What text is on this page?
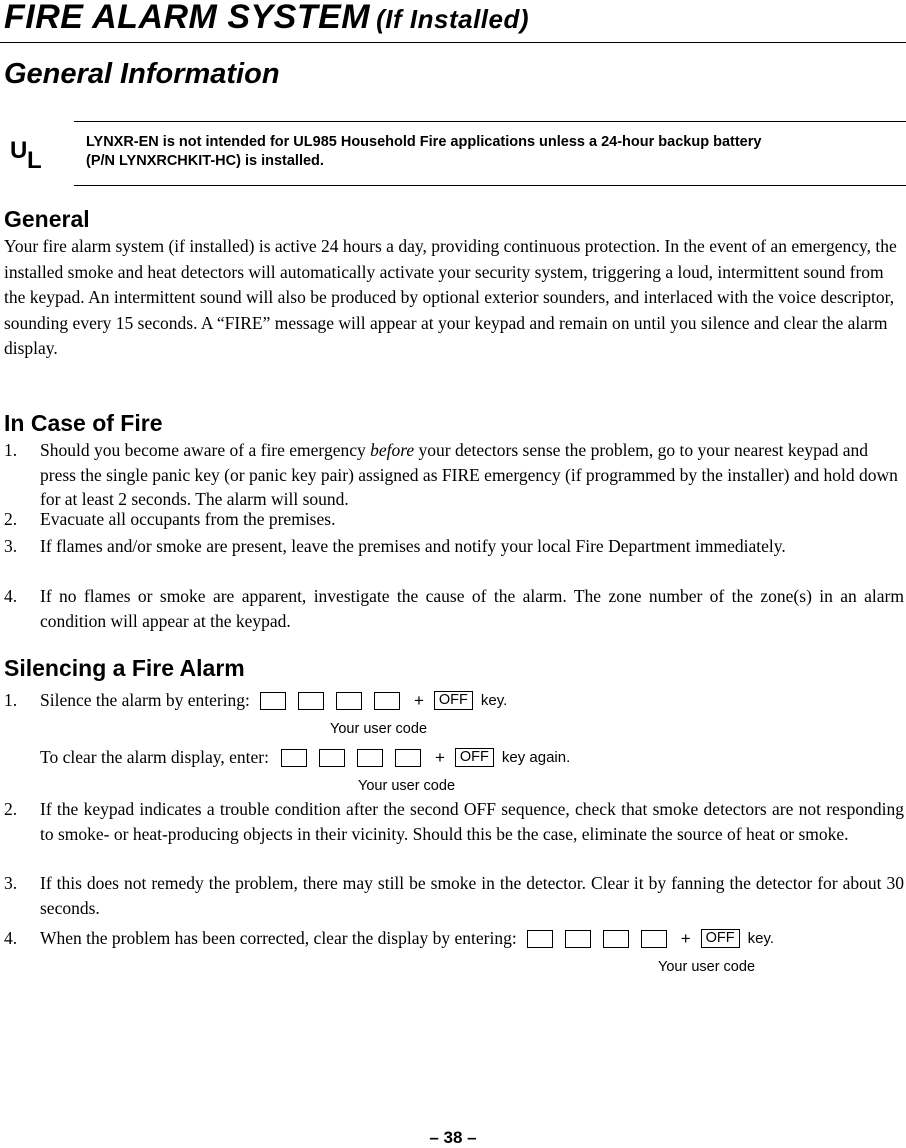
FIRE ALARM SYSTEM (If Installed)
General Information
U L
LYNXR-EN is not intended for UL985 Household Fire applications unless a 24-hour backup battery
(P/N LYNXRCHKIT-HC) is installed.
General
Your fire alarm system (if installed) is active 24 hours a day, providing continuous protection. In the event of an emergency, the installed smoke and heat detectors will automatically activate your security system, triggering a loud, intermittent sound from the keypad. An intermittent sound will also be produced by optional exterior sounders, and interlaced with the voice descriptor, sounding every 15 seconds. A “FIRE” message will appear at your keypad and remain on until you silence and clear the alarm display.
In Case of Fire
1. Should you become aware of a fire emergency before your detectors sense the problem, go to your nearest keypad and press the single panic key (or panic key pair) assigned as FIRE emergency (if programmed by the installer) and hold down for at least 2 seconds. The alarm will sound.
2. Evacuate all occupants from the premises.
3. If flames and/or smoke are present, leave the premises and notify your local Fire Department immediately.
4. If no flames or smoke are apparent, investigate the cause of the alarm. The zone number of the zone(s) in an alarm condition will appear at the keypad.
Silencing a Fire Alarm
1. Silence the alarm by entering:	+	OFF key.
Your user code
To clear the alarm display, enter:	+	OFF key again.
Your user code
2. If the keypad indicates a trouble condition after the second OFF sequence, check that smoke detectors are not responding to smoke- or heat-producing objects in their vicinity. Should this be the case, eliminate the source of heat or smoke.
3. If this does not remedy the problem, there may still be smoke in the detector. Clear it by fanning the detector for about 30 seconds.
4. When the problem has been corrected, clear the display by entering:	+	OFF key.
Your user code
– 38 –
